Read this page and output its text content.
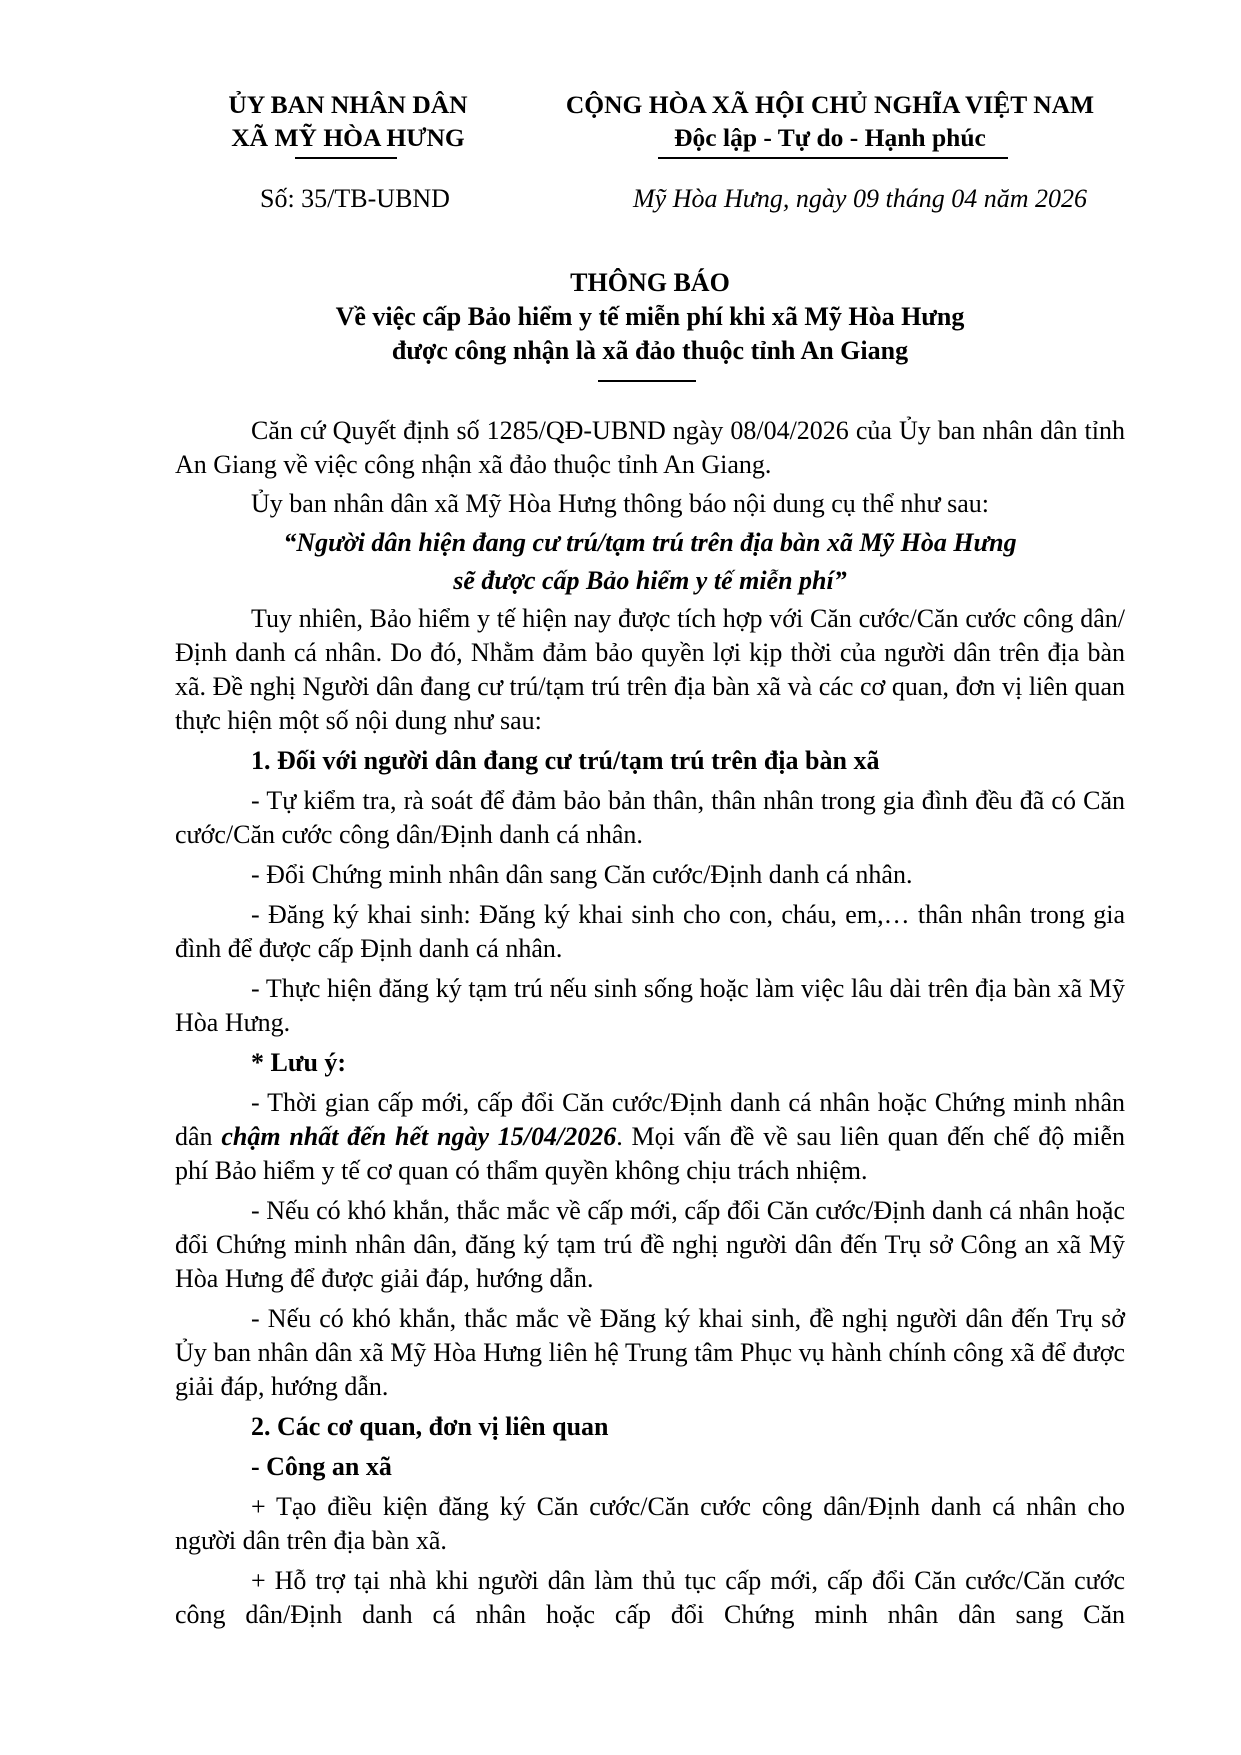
ỦY BAN NHÂN DÂN
XÃ MỸ HÒA HƯNG
CỘNG HÒA XÃ HỘI CHỦ NGHĨA VIỆT NAM
Độc lập - Tự do - Hạnh phúc
Số: 35/TB-UBND	Mỹ Hòa Hưng, ngày 09 tháng 04 năm 2026
THÔNG BÁO
Về việc cấp Bảo hiểm y tế miễn phí khi xã Mỹ Hòa Hưng
được công nhận là xã đảo thuộc tỉnh An Giang

Căn cứ Quyết định số 1285/QĐ-UBND ngày 08/04/2026 của Ủy ban nhân dân tỉnh An Giang về việc công nhận xã đảo thuộc tỉnh An Giang.

Ủy ban nhân dân xã Mỹ Hòa Hưng thông báo nội dung cụ thể như sau:

“Người dân hiện đang cư trú/tạm trú trên địa bàn xã Mỹ Hòa Hưng

sẽ được cấp Bảo hiểm y tế miễn phí”

Tuy nhiên, Bảo hiểm y tế hiện nay được tích hợp với Căn cước/Căn cước công dân/Định danh cá nhân. Do đó, Nhằm đảm bảo quyền lợi kịp thời của người dân trên địa bàn xã. Đề nghị Người dân đang cư trú/tạm trú trên địa bàn xã và các cơ quan, đơn vị liên quan thực hiện một số nội dung như sau:

1. Đối với người dân đang cư trú/tạm trú trên địa bàn xã

- Tự kiểm tra, rà soát để đảm bảo bản thân, thân nhân trong gia đình đều đã có Căn cước/Căn cước công dân/Định danh cá nhân.

- Đổi Chứng minh nhân dân sang Căn cước/Định danh cá nhân.

- Đăng ký khai sinh: Đăng ký khai sinh cho con, cháu, em,… thân nhân trong gia đình để được cấp Định danh cá nhân.

- Thực hiện đăng ký tạm trú nếu sinh sống hoặc làm việc lâu dài trên địa bàn xã Mỹ Hòa Hưng.

* Lưu ý:

- Thời gian cấp mới, cấp đổi Căn cước/Định danh cá nhân hoặc Chứng minh nhân dân chậm nhất đến hết ngày 15/04/2026. Mọi vấn đề về sau liên quan đến chế độ miễn phí Bảo hiểm y tế cơ quan có thẩm quyền không chịu trách nhiệm.

- Nếu có khó khắn, thắc mắc về cấp mới, cấp đổi Căn cước/Định danh cá nhân hoặc đổi Chứng minh nhân dân, đăng ký tạm trú đề nghị người dân đến Trụ sở Công an xã Mỹ Hòa Hưng để được giải đáp, hướng dẫn.

- Nếu có khó khắn, thắc mắc về Đăng ký khai sinh, đề nghị người dân đến Trụ sở Ủy ban nhân dân xã Mỹ Hòa Hưng liên hệ Trung tâm Phục vụ hành chính công xã để được giải đáp, hướng dẫn.

2. Các cơ quan, đơn vị liên quan

- Công an xã

+ Tạo điều kiện đăng ký Căn cước/Căn cước công dân/Định danh cá nhân cho người dân trên địa bàn xã.

+ Hỗ trợ tại nhà khi người dân làm thủ tục cấp mới, cấp đổi Căn cước/Căn cước công dân/Định danh cá nhân hoặc cấp đổi Chứng minh nhân dân sang Căn
